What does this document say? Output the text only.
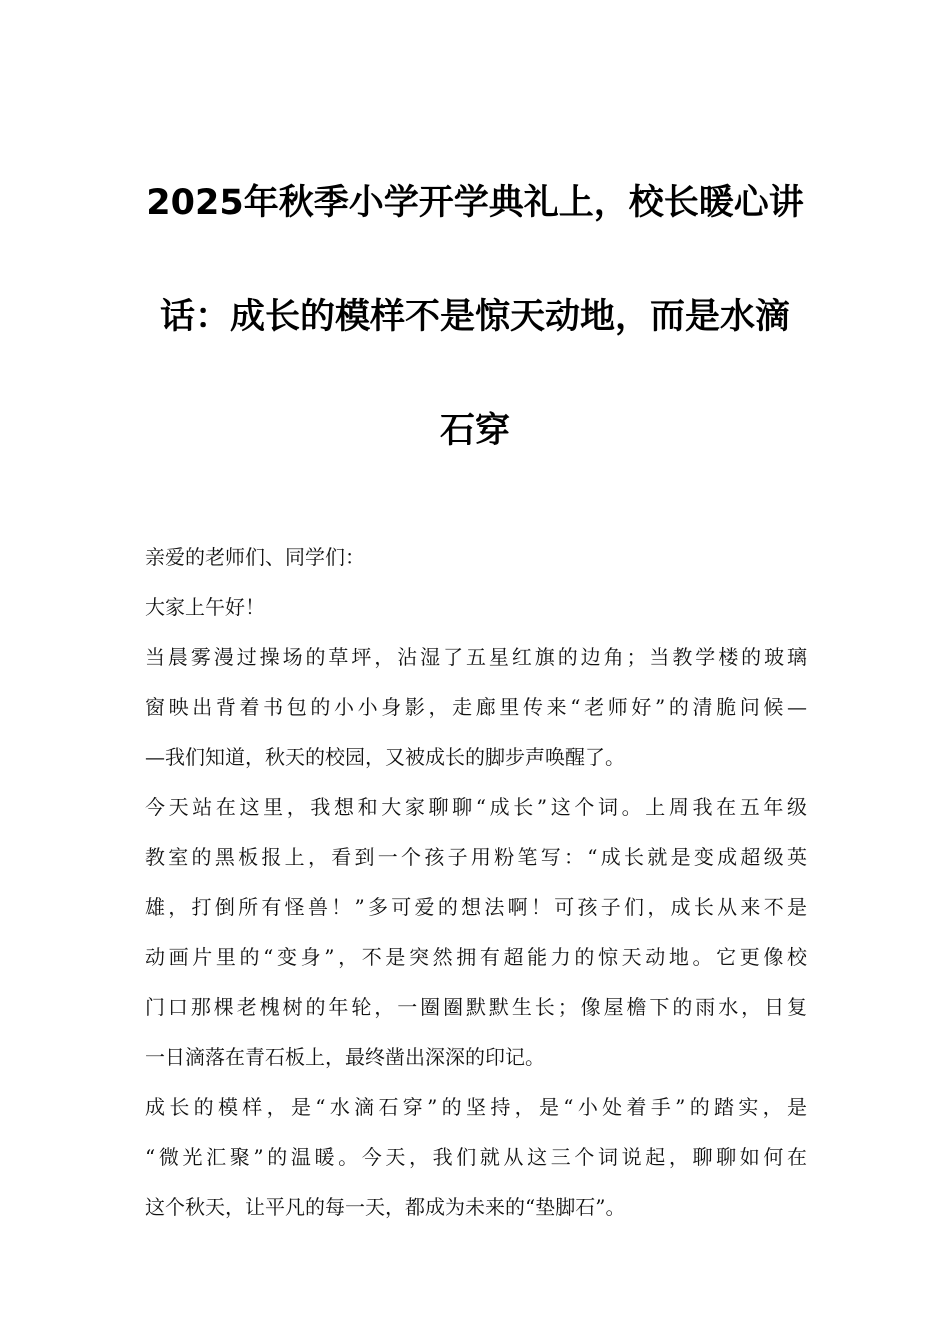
2025年秋季小学开学典礼上，校长暖心讲
话：成长的模样不是惊天动地，而是水滴
石穿

亲爱的老师们、同学们：

大家上午好！

当晨雾漫过操场的草坪，沾湿了五星红旗的边角；当教学楼的玻璃
窗映出背着书包的小小身影，走廊里传来“老师好”的清脆问候—
—我们知道，秋天的校园，又被成长的脚步声唤醒了。

今天站在这里，我想和大家聊聊“成长”这个词。上周我在五年级
教室的黑板报上，看到一个孩子用粉笔写：“成长就是变成超级英
雄，打倒所有怪兽！”多可爱的想法啊！可孩子们，成长从来不是
动画片里的“变身”，不是突然拥有超能力的惊天动地。它更像校
门口那棵老槐树的年轮，一圈圈默默生长；像屋檐下的雨水，日复
一日滴落在青石板上，最终凿出深深的印记。

成长的模样，是“水滴石穿”的坚持，是“小处着手”的踏实，是
“微光汇聚”的温暖。今天，我们就从这三个词说起，聊聊如何在
这个秋天，让平凡的每一天，都成为未来的“垫脚石”。
